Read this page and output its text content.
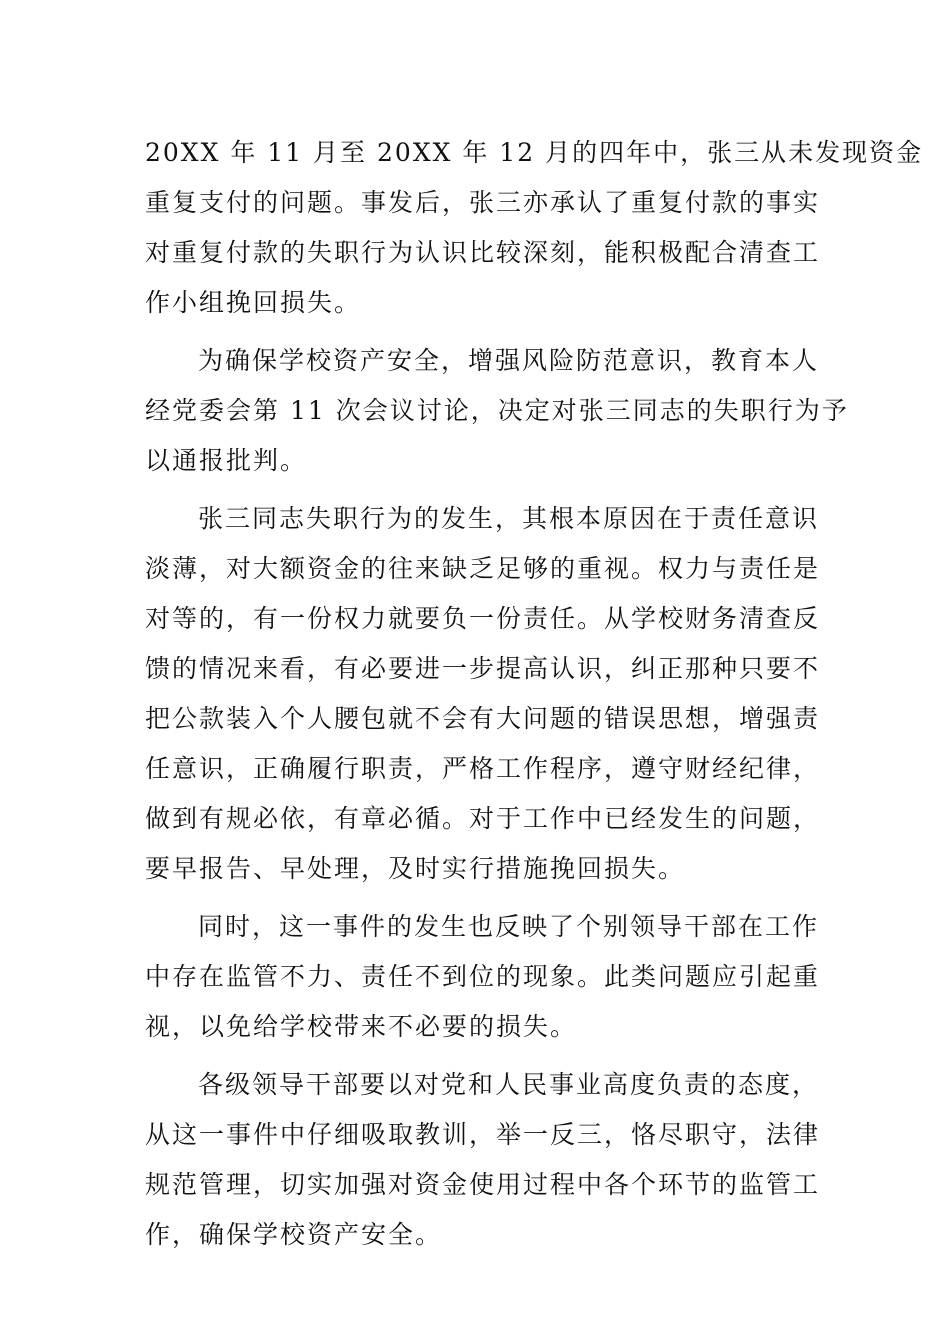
20XX 年 11 月至 20XX 年 12 月的四年中，张三从未发现资金
重复支付的问题。事发后，张三亦承认了重复付款的事实
对重复付款的失职行为认识比较深刻，能积极配合清查工
作小组挽回损失。
为确保学校资产安全，增强风险防范意识，教育本人
经党委会第 11 次会议讨论，决定对张三同志的失职行为予
以通报批判。
张三同志失职行为的发生，其根本原因在于责任意识
淡薄，对大额资金的往来缺乏足够的重视。权力与责任是
对等的，有一份权力就要负一份责任。从学校财务清查反
馈的情况来看，有必要进一步提高认识，纠正那种只要不
把公款装入个人腰包就不会有大问题的错误思想，增强责
任意识，正确履行职责，严格工作程序，遵守财经纪律，
做到有规必依，有章必循。对于工作中已经发生的问题，
要早报告、早处理，及时实行措施挽回损失。
同时，这一事件的发生也反映了个别领导干部在工作
中存在监管不力、责任不到位的现象。此类问题应引起重
视，以免给学校带来不必要的损失。
各级领导干部要以对党和人民事业高度负责的态度，
从这一事件中仔细吸取教训，举一反三，恪尽职守，法律
规范管理，切实加强对资金使用过程中各个环节的监管工
作，确保学校资产安全。
